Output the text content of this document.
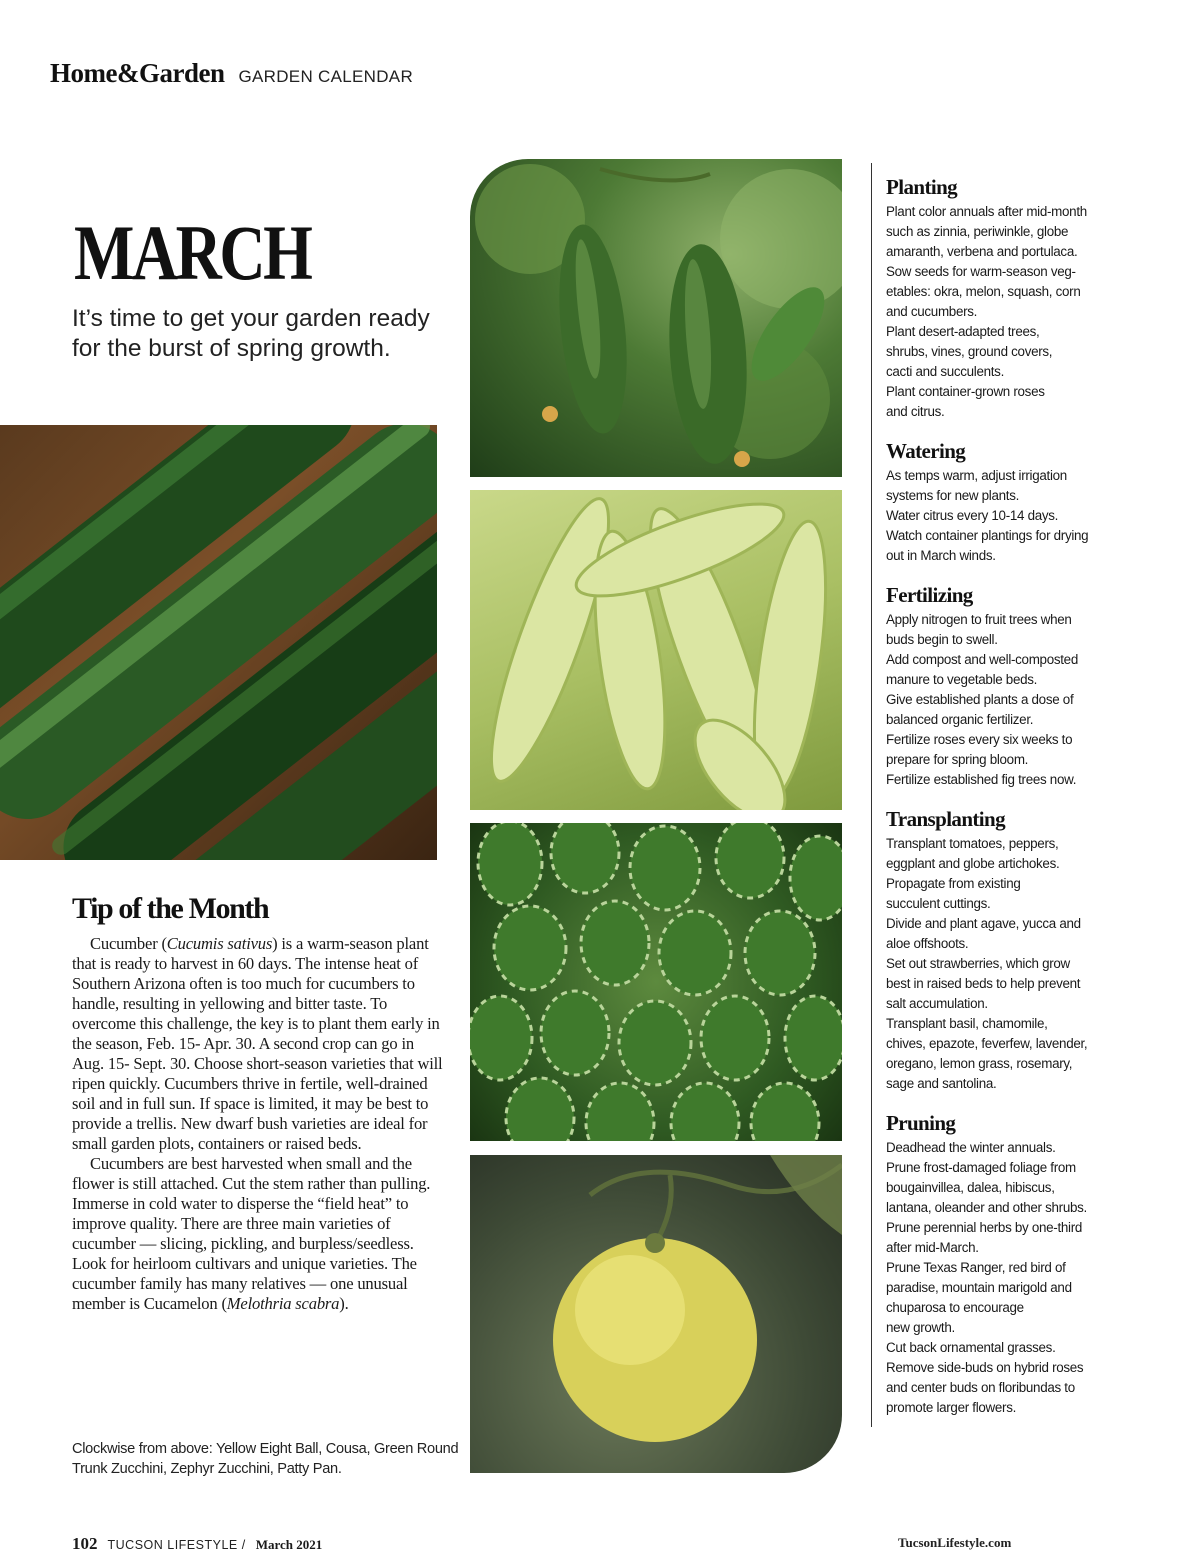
Home&Garden GARDEN CALENDAR
MARCH
It’s time to get your garden ready for the burst of spring growth.
Tip of the Month

Cucumber (Cucumis sativus) is a warm-season plant that is ready to harvest in 60 days. The intense heat of Southern Arizona often is too much for cucumbers to handle, resulting in yellowing and bitter taste. To overcome this challenge, the key is to plant them early in the season, Feb. 15- Apr. 30. A second crop can go in Aug. 15- Sept. 30. Choose short-season varieties that will ripen quickly. Cucumbers thrive in fertile, well-drained soil and in full sun. If space is limited, it may be best to provide a trellis. New dwarf bush varieties are ideal for small garden plots, containers or raised beds.

Cucumbers are best harvested when small and the flower is still attached. Cut the stem rather than pulling. Immerse in cold water to disperse the “field heat” to improve quality. There are three main varieties of cucumber — slicing, pickling, and burpless/seedless. Look for heirloom cultivars and unique varieties. The cucumber family has many relatives — one unusual member is Cucamelon (Melothria scabra).

Clockwise from above: Yellow Eight Ball, Cousa, Green Round Trunk Zucchini, Zephyr Zucchini, Patty Pan.
Planting
Plant color annuals after mid-month
such as zinnia, periwinkle, globe
amaranth, verbena and portulaca.
Sow seeds for warm-season veg-
etables: okra, melon, squash, corn
and cucumbers.
Plant desert-adapted trees,
shrubs, vines, ground covers,
cacti and succulents.
Plant container-grown roses
and citrus.
Watering
As temps warm, adjust irrigation
systems for new plants.
Water citrus every 10-14 days.
Watch container plantings for drying
out in March winds.
Fertilizing
Apply nitrogen to fruit trees when
buds begin to swell.
Add compost and well-composted
manure to vegetable beds.
Give established plants a dose of
balanced organic fertilizer.
Fertilize roses every six weeks to
prepare for spring bloom.
Fertilize established fig trees now.
Transplanting
Transplant tomatoes, peppers,
eggplant and globe artichokes.
Propagate from existing
succulent cuttings.
Divide and plant agave, yucca and
aloe offshoots.
Set out strawberries, which grow
best in raised beds to help prevent
salt accumulation.
Transplant basil, chamomile,
chives, epazote, feverfew, lavender,
oregano, lemon grass, rosemary,
sage and santolina.
Pruning
Deadhead the winter annuals.
Prune frost-damaged foliage from
bougainvillea, dalea, hibiscus,
lantana, oleander and other shrubs.
Prune perennial herbs by one-third
after mid-March.
Prune Texas Ranger, red bird of
paradise, mountain marigold and
chuparosa to encourage
new growth.
Cut back ornamental grasses.
Remove side-buds on hybrid roses
and center buds on floribundas to
promote larger flowers.
102 TUCSON LIFESTYLE / March 2021	TucsonLifestyle.com
